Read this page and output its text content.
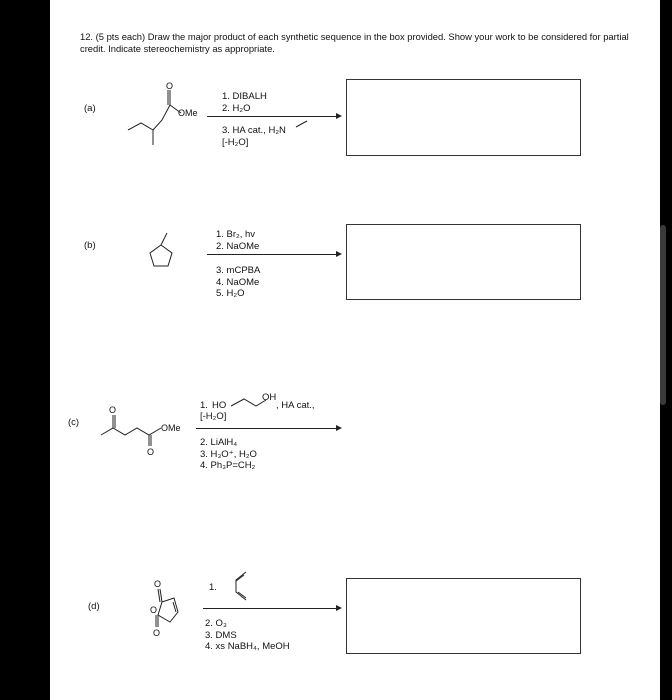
12. (5 pts each) Draw the major product of each synthetic sequence in the box provided. Show your work to be considered for partial credit. Indicate stereochemistry as appropriate.
(a)
O
OMe
1. DIBALH
2. H₂O
3. HA cat., H₂N
[-H₂O]
(b)
1. Br₂, hv
2. NaOMe
3. mCPBA
4. NaOMe
5. H₂O
(c)
O
O
OMe
1. HO
OH
, HA cat.,
[-H₂O]
2. LiAlH₄
3. H₃O⁺, H₂O
4. Ph₃P=CH₂
(d)
O
O
O
1.
2. O₃
3. DMS
4. xs NaBH₄, MeOH
